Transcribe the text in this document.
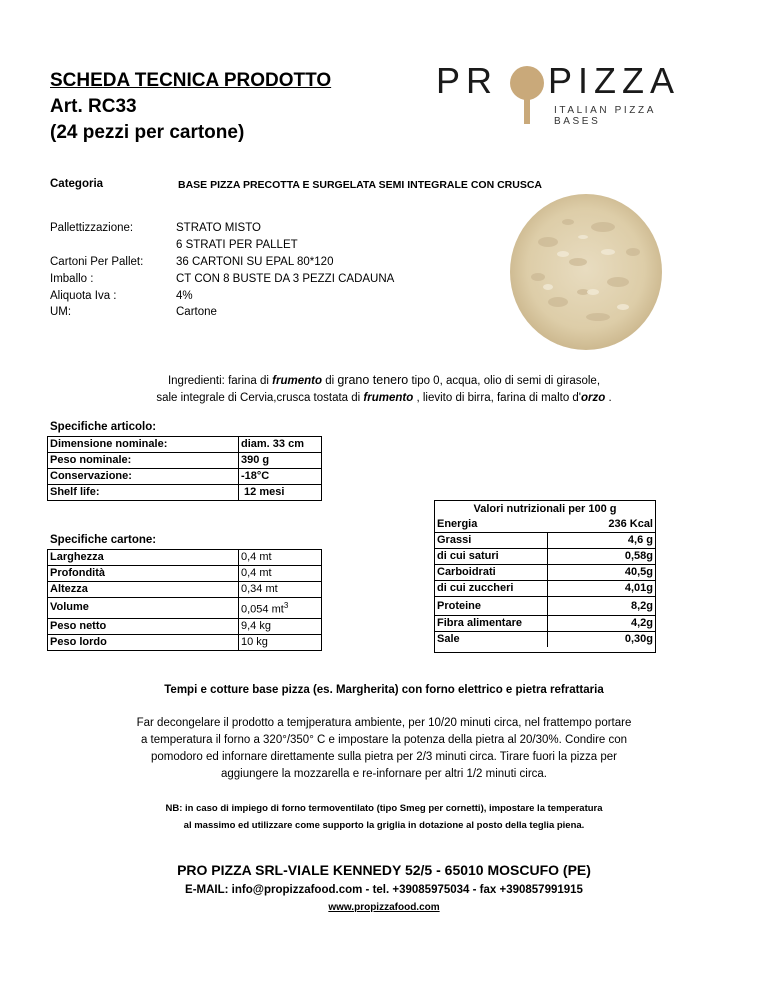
SCHEDA TECNICA PRODOTTO
Art. RC33
(24 pezzi per cartone)
PR PIZZA
ITALIAN PIZZA BASES
Categoria	BASE PIZZA PRECOTTA E SURGELATA SEMI INTEGRALE CON CRUSCA
Pallettizzazione:	STRATO MISTO
6 STRATI PER PALLET
Cartoni Per Pallet:	36 CARTONI SU EPAL 80*120
Imballo :	CT CON 8 BUSTE DA 3 PEZZI CADAUNA
Aliquota Iva :	4%
UM:	Cartone
Ingredienti: farina di frumento di grano tenero tipo 0, acqua, olio di semi di girasole,
sale integrale di Cervia,crusca tostata di frumento , lievito di birra, farina di malto d'orzo .
Specifiche articolo:
Dimensione nominale:	diam. 33 cm
Peso nominale:	390 g
Conservazione:	-18°C
Shelf life:	12 mesi
Specifiche cartone:
Larghezza	0,4 mt
Profondità	0,4 mt
Altezza	0,34 mt
Volume	0,054 $mt^3$
Peso netto	9,4 kg
Peso lordo	10 kg
Valori nutrizionali per 100 g
Energia	236 Kcal
Grassi	4,6 g
di cui saturi	0,58g
Carboidrati	40,5g
di cui zuccheri	4,01g
Proteine	8,2g
Fibra alimentare	4,2g
Sale	0,30g
Tempi e cotture base pizza (es. Margherita) con forno elettrico e pietra refrattaria
Far decongelare il prodotto a temjperatura ambiente, per 10/20 minuti circa, nel frattempo portare
a temperatura il forno a 320°/350° C e impostare la potenza della pietra al 20/30%. Condire con
pomodoro ed infornare direttamente sulla pietra per 2/3 minuti circa. Tirare fuori la pizza per
aggiungere la mozzarella e re-infornare per altri 1/2 minuti circa.
NB: in caso di impiego di forno termoventilato (tipo Smeg per cornetti), impostare la temperatura
al massimo ed utilizzare come supporto la griglia in dotazione al posto della teglia piena.
PRO PIZZA SRL-VIALE KENNEDY 52/5 - 65010 MOSCUFO (PE)
E-MAIL: info@propizzafood.com - tel. +39085975034 - fax +390857991915
www.propizzafood.com
